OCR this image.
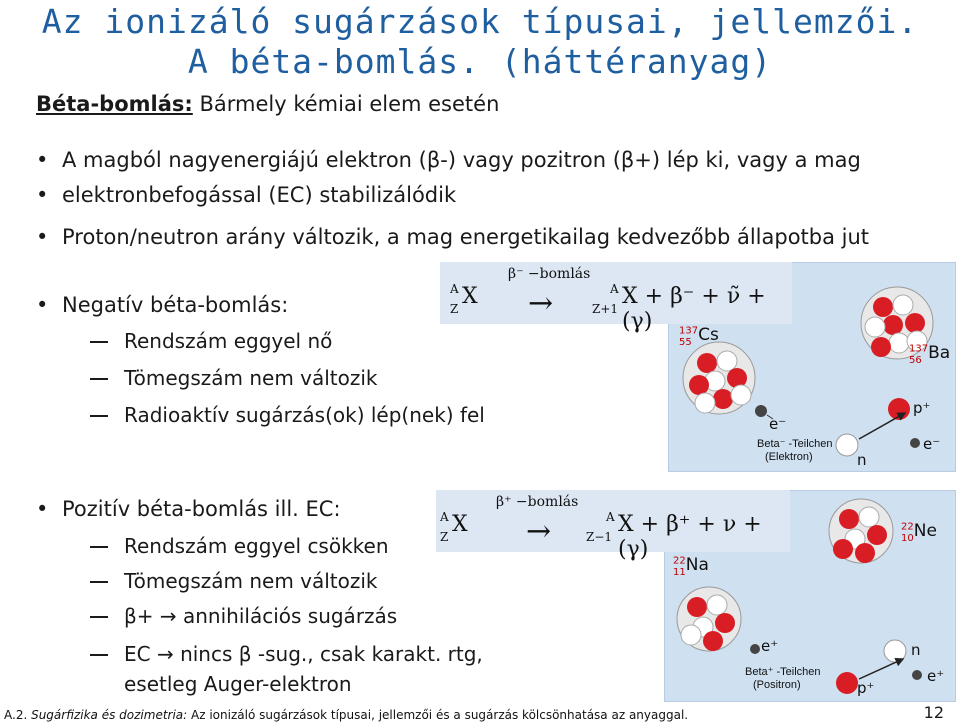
Az ionizáló sugárzások típusai, jellemzői.
A béta-bomlás. (háttéranyag)
Béta-bomlás: Bármely kémiai elem esetén
• A magból nagyenergiájú elektron (β-) vagy pozitron (β+) lép ki, vagy a mag
• elektronbefogással (EC) stabilizálódik
• Proton/neutron arány változik, a mag energetikailag kedvezőbb állapotba jut
• Negatív béta-bomlás:
Rendszám eggyel nő
Tömegszám nem változik
Radioaktív sugárzás(ok) lép(nek) fel
• Pozitív béta-bomlás ill. EC:
Rendszám eggyel csökken
Tömegszám nem változik
β+ → annihilációs sugárzás
EC → nincs β -sug., csak karakt. rtg,
esetleg Auger-elektron
$^{137}$Cs
55
$^{137}$Ba
56
e⁻
p⁺
n
e⁻
Beta⁻ -Teilchen
(Elektron)
$^{22}$Ne
10
$^{22}$Na
11
e⁺	n
p⁺
e⁺
Beta⁺ -Teilchen
(Positron)
β⁻ −bomlás
A
Z X →	A
Z+1 X + β⁻ + ν̃ + (γ)
β⁺ −bomlás
A
Z X →	A
Z−1 X + β⁺ + ν + (γ)
A.2. Sugárfizika és dozimetria: Az ionizáló sugárzások típusai, jellemzői és a sugárzás kölcsönhatása az anyaggal.	12
